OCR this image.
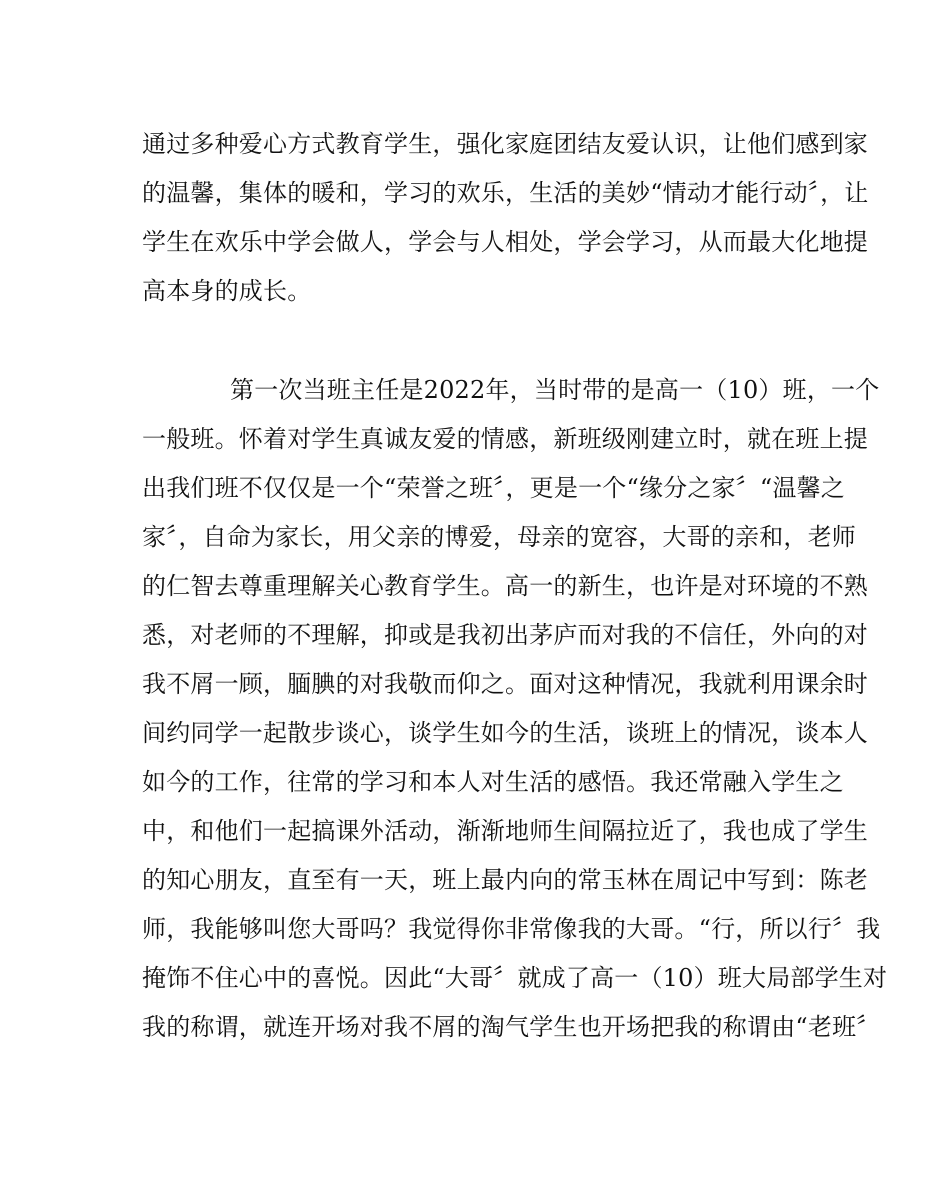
通过多种爱心方式教育学生，强化家庭团结友爱认识，让他们感到家
的温馨，集体的暖和，学习的欢乐，生活的美妙“情动才能行动〞，让
学生在欢乐中学会做人，学会与人相处，学会学习，从而最大化地提
高本身的成长。
第一次当班主任是2022年，当时带的是高一（10）班，一个
一般班。怀着对学生真诚友爱的情感，新班级刚建立时，就在班上提
出我们班不仅仅是一个“荣誉之班〞，更是一个“缘分之家〞“温馨之
家〞，自命为家长，用父亲的博爱，母亲的宽容，大哥的亲和，老师
的仁智去尊重理解关心教育学生。高一的新生，也许是对环境的不熟
悉，对老师的不理解，抑或是我初出茅庐而对我的不信任，外向的对
我不屑一顾，腼腆的对我敬而仰之。面对这种情况，我就利用课余时
间约同学一起散步谈心，谈学生如今的生活，谈班上的情况，谈本人
如今的工作，往常的学习和本人对生活的感悟。我还常融入学生之
中，和他们一起搞课外活动，渐渐地师生间隔拉近了，我也成了学生
的知心朋友，直至有一天，班上最内向的常玉林在周记中写到：陈老
师，我能够叫您大哥吗？我觉得你非常像我的大哥。“行，所以行〞我
掩饰不住心中的喜悦。因此“大哥〞就成了高一（10）班大局部学生对
我的称谓，就连开场对我不屑的淘气学生也开场把我的称谓由“老班〞
